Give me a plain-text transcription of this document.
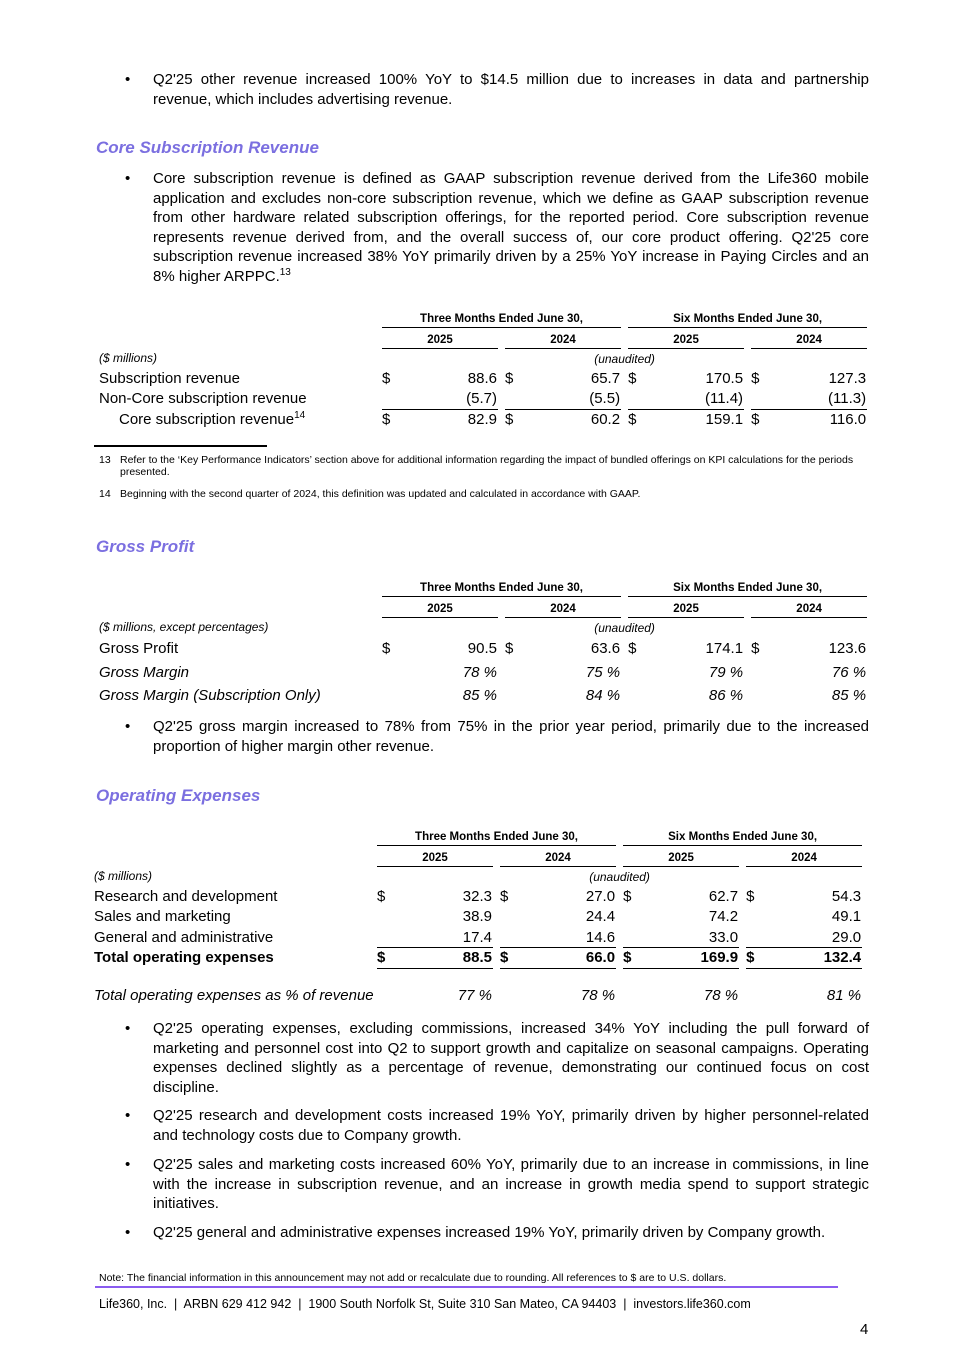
• Q2'25 other revenue increased 100% YoY to $14.5 million due to increases in data and partnership revenue, which includes advertising revenue.
Core Subscription Revenue
• Core subscription revenue is defined as GAAP subscription revenue derived from the Life360 mobile application and excludes non-core subscription revenue, which we define as GAAP subscription revenue from other hardware related subscription offerings, for the reported period. Core subscription revenue represents revenue derived from, and the overall success of, our core product offering. Q2'25 core subscription revenue increased 38% YoY primarily driven by a 25% YoY increase in Paying Circles and an 8% higher ARPPC.$^{13}$
	Three Months Ended June 30,						Six Months Ended June 30,				
	2025			2024			2025			2024	
($ millions)	(unaudited)										
Subscription revenue	$	88.6		$	65.7		$	170.5		$	127.3
Non-Core subscription revenue		(5.7)			(5.5)			(11.4)			(11.3)
Core subscription revenue$^{14}$	$	82.9		$	60.2		$	159.1		$	116.0
13 Refer to the ‘Key Performance Indicators’ section above for additional information regarding the impact of bundled offerings on KPI calculations for the periods presented.
14 Beginning with the second quarter of 2024, this definition was updated and calculated in accordance with GAAP.
Gross Profit
	Three Months Ended June 30,						Six Months Ended June 30,				
	2025			2024			2025			2024	
($ millions, except percentages)	(unaudited)										
Gross Profit	$	90.5		$	63.6		$	174.1		$	123.6
Gross Margin		78 %			75 %			79 %			76 %
Gross Margin (Subscription Only)		85 %			84 %			86 %			85 %
• Q2'25 gross margin increased to 78% from 75% in the prior year period, primarily due to the increased proportion of higher margin other revenue.
Operating Expenses
	Three Months Ended June 30,						Six Months Ended June 30,				
	2025			2024			2025			2024	
($ millions)	(unaudited)										
Research and development	$	32.3		$	27.0		$	62.7		$	54.3
Sales and marketing		38.9			24.4			74.2			49.1
General and administrative		17.4			14.6			33.0			29.0
Total operating expenses	$	88.5		$	66.0		$	169.9		$	132.4
Total operating expenses as % of revenue		77 %			78 %			78 %			81 %
• Q2'25 operating expenses, excluding commissions, increased 34% YoY including the pull forward of marketing and personnel cost into Q2 to support growth and capitalize on seasonal campaigns. Operating expenses declined slightly as a percentage of revenue, demonstrating our continued focus on cost discipline.
• Q2'25 research and development costs increased 19% YoY, primarily driven by higher personnel-related and technology costs due to Company growth.
• Q2'25 sales and marketing costs increased 60% YoY, primarily due to an increase in commissions, in line with the increase in subscription revenue, and an increase in growth media spend to support strategic initiatives.
• Q2'25 general and administrative expenses increased 19% YoY, primarily driven by Company growth.
Note: The financial information in this announcement may not add or recalculate due to rounding. All references to $ are to U.S. dollars.
Life360, Inc.  |  ARBN 629 412 942  |  1900 South Norfolk St, Suite 310 San Mateo, CA 94403  |  investors.life360.com
4
